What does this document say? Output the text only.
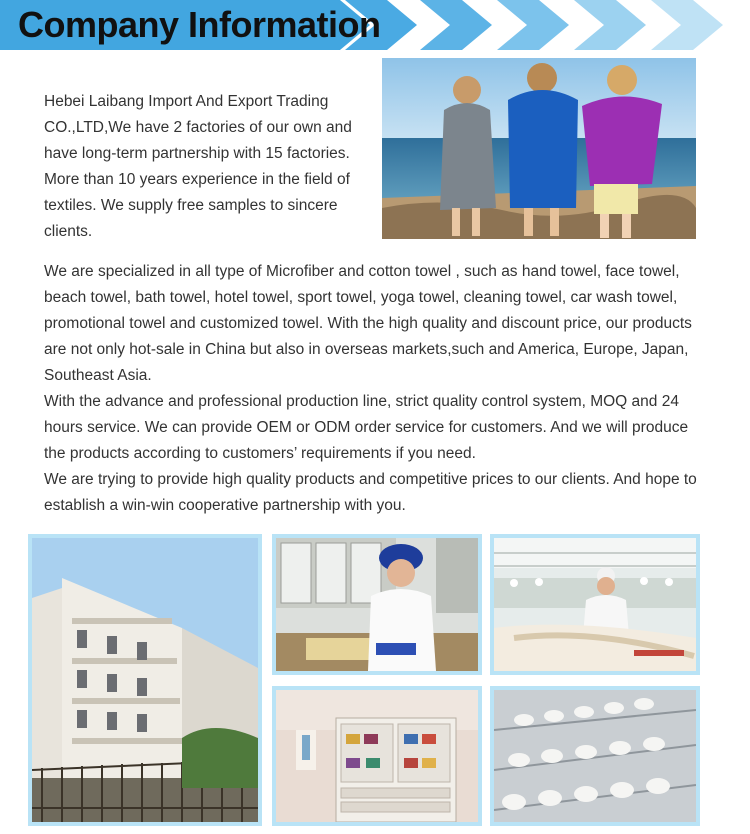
Company Information
Hebei Laibang Import And Export Trading CO.,LTD,We have 2 factories of our own and have long-term partnership with 15 factories. More than 10 years experience in the field of textiles. We supply free samples to sincere clients.

We are specialized in all type of Microfiber and cotton towel , such as hand towel, face towel, beach towel, bath towel, hotel towel, sport towel, yoga towel, cleaning towel, car wash towel, promotional towel and customized towel. With the high quality and discount price, our products are not only hot-sale in China but also in overseas markets,such and America, Europe, Japan, Southeast Asia.

With the advance and professional production line, strict quality control system, MOQ and 24 hours service. We can provide OEM or ODM order service for customers. And we will produce the products according to customers’ requirements if you need.

We are trying to provide high quality products and competitive prices to our clients. And hope to establish a win-win cooperative partnership with you.
